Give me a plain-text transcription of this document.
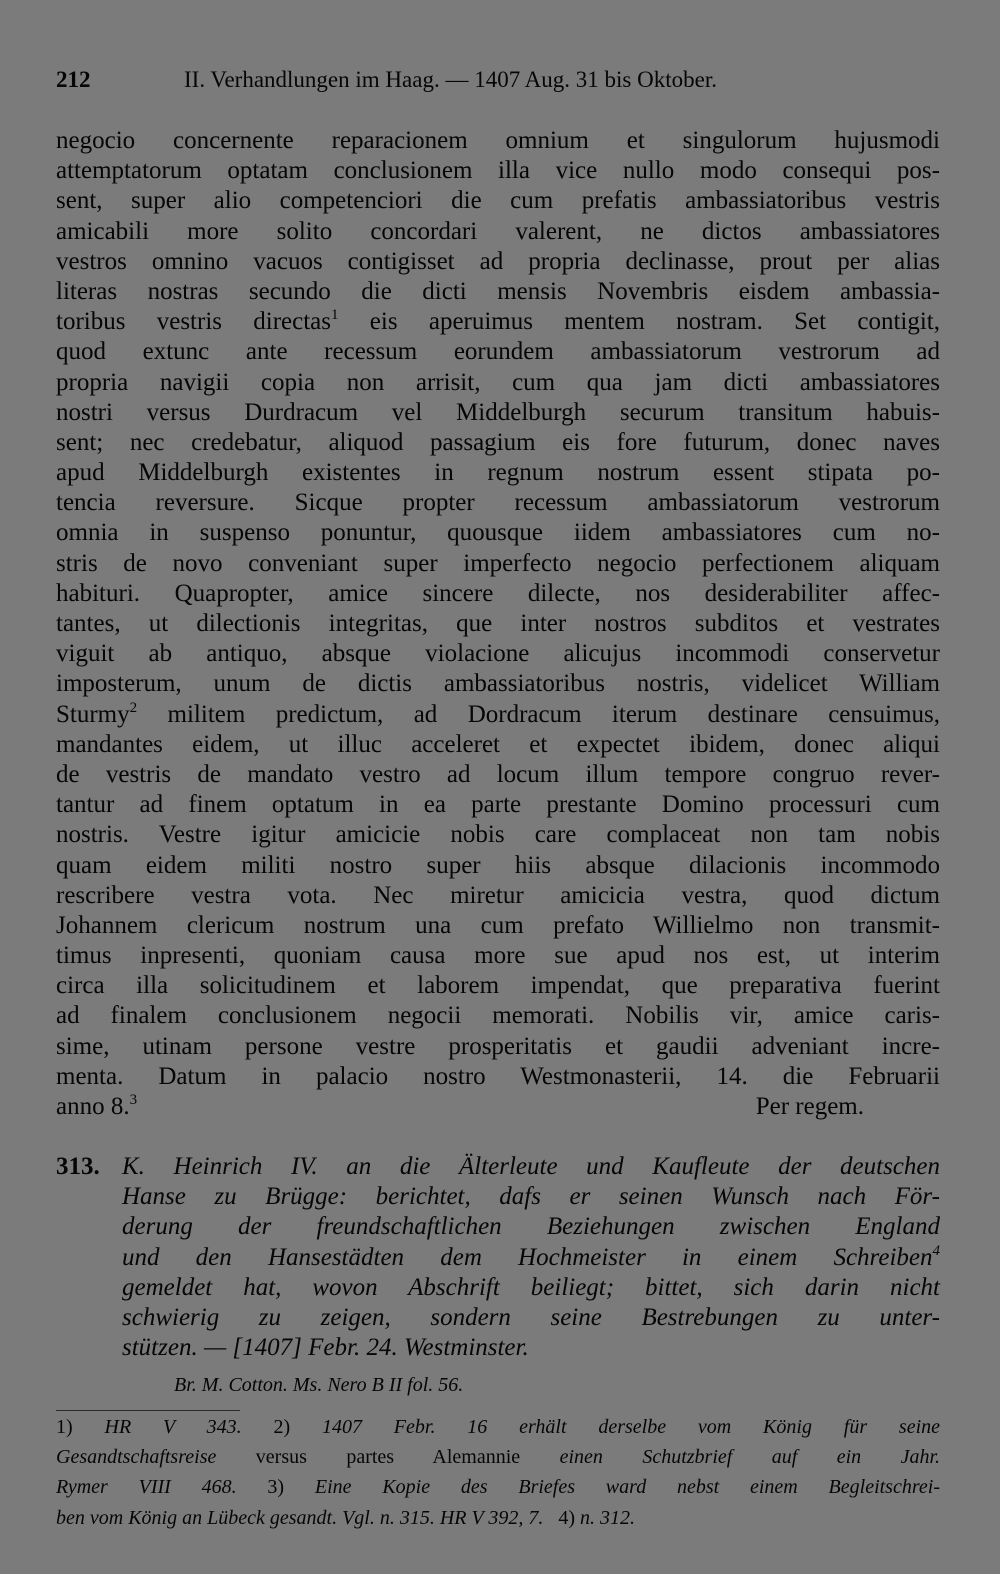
212	II. Verhandlungen im Haag. — 1407 Aug. 31 bis Oktober.
negocio concernente reparacionem omnium et singulorum hujusmodi
attemptatorum optatam conclusionem illa vice nullo modo consequi pos-
sent, super alio competenciori die cum prefatis ambassiatoribus vestris
amicabili more solito concordari valerent, ne dictos ambassiatores
vestros omnino vacuos contigisset ad propria declinasse, prout per alias
literas nostras secundo die dicti mensis Novembris eisdem ambassia-
toribus vestris directas$^1$ eis aperuimus mentem nostram. Set contigit,
quod extunc ante recessum eorundem ambassiatorum vestrorum ad
propria navigii copia non arrisit, cum qua jam dicti ambassiatores
nostri versus Durdracum vel Middelburgh securum transitum habuis-
sent; nec credebatur, aliquod passagium eis fore futurum, donec naves
apud Middelburgh existentes in regnum nostrum essent stipata po-
tencia reversure. Sicque propter recessum ambassiatorum vestrorum
omnia in suspenso ponuntur, quousque iidem ambassiatores cum no-
stris de novo conveniant super imperfecto negocio perfectionem aliquam
habituri. Quapropter, amice sincere dilecte, nos desiderabiliter affec-
tantes, ut dilectionis integritas, que inter nostros subditos et vestrates
viguit ab antiquo, absque violacione alicujus incommodi conservetur
imposterum, unum de dictis ambassiatoribus nostris, videlicet William
Sturmy$^2$ militem predictum, ad Dordracum iterum destinare censuimus,
mandantes eidem, ut illuc acceleret et expectet ibidem, donec aliqui
de vestris de mandato vestro ad locum illum tempore congruo rever-
tantur ad finem optatum in ea parte prestante Domino processuri cum
nostris. Vestre igitur amicicie nobis care complaceat non tam nobis
quam eidem militi nostro super hiis absque dilacionis incommodo
rescribere vestra vota. Nec miretur amicicia vestra, quod dictum
Johannem clericum nostrum una cum prefato Willielmo non transmit-
timus inpresenti, quoniam causa more sue apud nos est, ut interim
circa illa solicitudinem et laborem impendat, que preparativa fuerint
ad finalem conclusionem negocii memorati. Nobilis vir, amice caris-
sime, utinam persone vestre prosperitatis et gaudii adveniant incre-
menta. Datum in palacio nostro Westmonasterii, 14. die Februarii
anno 8.$^3$	Per regem.
313. K. Heinrich IV. an die Älterleute und Kaufleute der deutschen
Hanse zu Brügge: berichtet, dafs er seinen Wunsch nach För-
derung der freundschaftlichen Beziehungen zwischen England
und den Hansestädten dem Hochmeister in einem Schreiben$^4$
gemeldet hat, wovon Abschrift beiliegt; bittet, sich darin nicht
schwierig zu zeigen, sondern seine Bestrebungen zu unter-
stützen. — [1407] Febr. 24. Westminster.
Br. M. Cotton. Ms. Nero B II fol. 56.
1) HR V 343. 2) 1407 Febr. 16 erhält derselbe vom König für seine
Gesandtschaftsreise versus partes Alemannie einen Schutzbrief auf ein Jahr.
Rymer VIII 468. 3) Eine Kopie des Briefes ward nebst einem Begleitschrei-
ben vom König an Lübeck gesandt. Vgl. n. 315. HR V 392, 7. 4) n. 312.
